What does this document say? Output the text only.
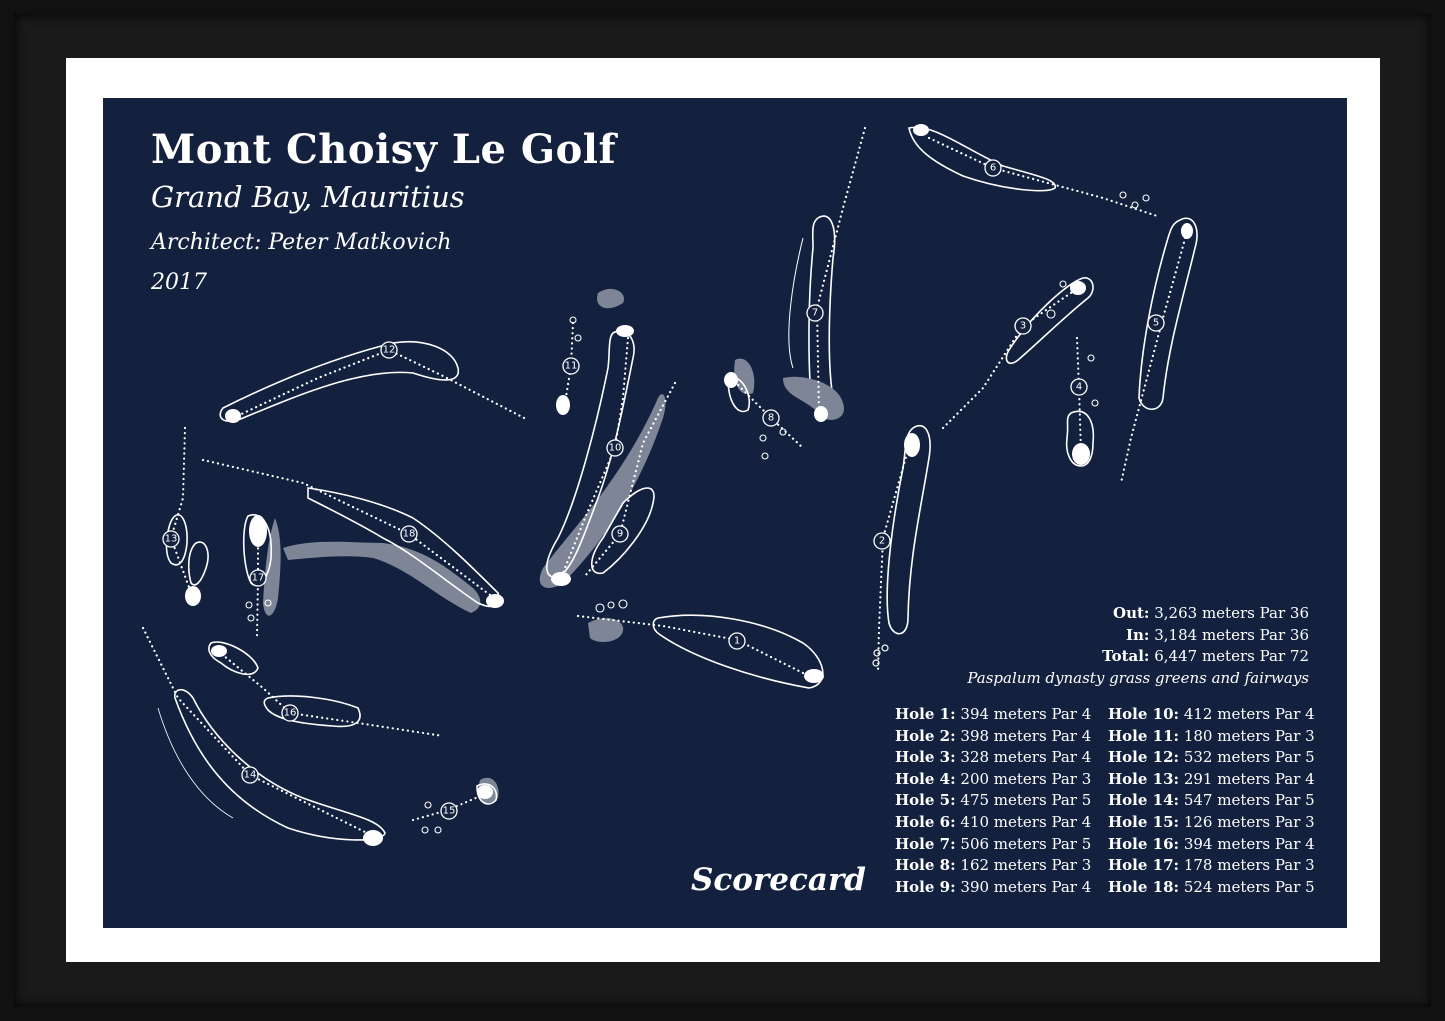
1
2
3
4
5
6
7
8
9
10
11
12
13
14
15
16
17
18
Mont Choisy Le Golf
Grand Bay, Mauritius
Architect: Peter Matkovich
2017
Out: 3,263 meters Par 36
In: 3,184 meters Par 36
Total: 6,447 meters Par 72
Paspalum dynasty grass greens and fairways
Scorecard
Hole 1: 394 meters Par 4
Hole 2: 398 meters Par 4
Hole 3: 328 meters Par 4
Hole 4: 200 meters Par 3
Hole 5: 475 meters Par 5
Hole 6: 410 meters Par 4
Hole 7: 506 meters Par 5
Hole 8: 162 meters Par 3
Hole 9: 390 meters Par 4
Hole 10: 412 meters Par 4
Hole 11: 180 meters Par 3
Hole 12: 532 meters Par 5
Hole 13: 291 meters Par 4
Hole 14: 547 meters Par 5
Hole 15: 126 meters Par 3
Hole 16: 394 meters Par 4
Hole 17: 178 meters Par 3
Hole 18: 524 meters Par 5
